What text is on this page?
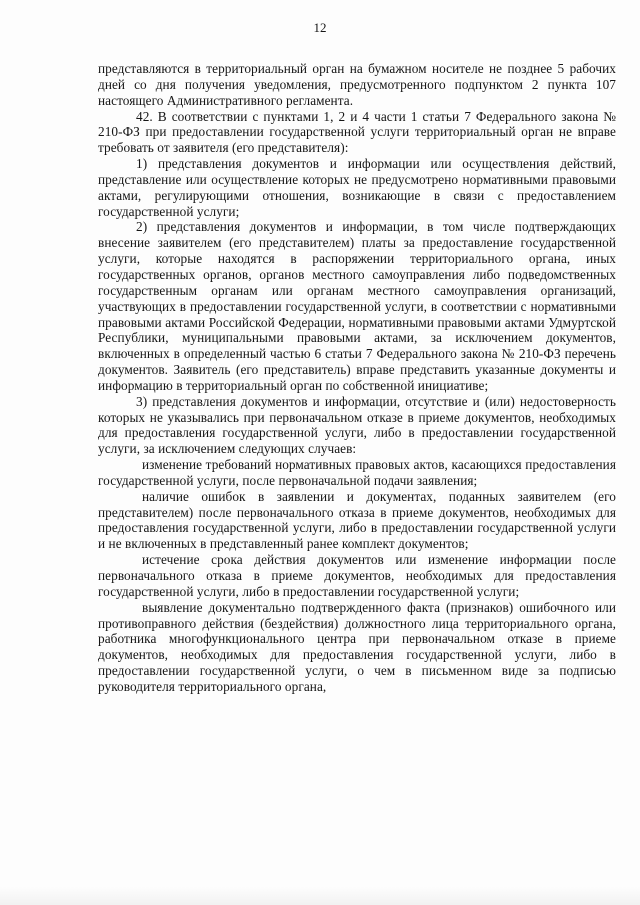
12

представляются в территориальный орган на бумажном носителе не позднее 5 рабочих дней со дня получения уведомления, предусмотренного подпунктом 2 пункта 107 настоящего Административного регламента.

42. В соответствии с пунктами 1, 2 и 4 части 1 статьи 7 Федерального закона № 210-ФЗ при предоставлении государственной услуги территориальный орган не вправе требовать от заявителя (его представителя):

1) представления документов и информации или осуществления действий, представление или осуществление которых не предусмотрено нормативными правовыми актами, регулирующими отношения, возникающие в связи с предоставлением государственной услуги;

2) представления документов и информации, в том числе подтверждающих внесение заявителем (его представителем) платы за предоставление государственной услуги, которые находятся в распоряжении территориального органа, иных государственных органов, органов местного самоуправления либо подведомственных государственным органам или органам местного самоуправления организаций, участвующих в предоставлении государственной услуги, в соответствии с нормативными правовыми актами Российской Федерации, нормативными правовыми актами Удмуртской Республики, муниципальными правовыми актами, за исключением документов, включенных в определенный частью 6 статьи 7 Федерального закона № 210-ФЗ перечень документов. Заявитель (его представитель) вправе представить указанные документы и информацию в территориальный орган по собственной инициативе;

3) представления документов и информации, отсутствие и (или) недостоверность которых не указывались при первоначальном отказе в приеме документов, необходимых для предоставления государственной услуги, либо в предоставлении государственной услуги, за исключением следующих случаев:

изменение требований нормативных правовых актов, касающихся предоставления государственной услуги, после первоначальной подачи заявления;

наличие ошибок в заявлении и документах, поданных заявителем (его представителем) после первоначального отказа в приеме документов, необходимых для предоставления государственной услуги, либо в предоставлении государственной услуги и не включенных в представленный ранее комплект документов;

истечение срока действия документов или изменение информации после первоначального отказа в приеме документов, необходимых для предоставления государственной услуги, либо в предоставлении государственной услуги;

выявление документально подтвержденного факта (признаков) ошибочного или противоправного действия (бездействия) должностного лица территориального органа, работника многофункционального центра при первоначальном отказе в приеме документов, необходимых для предоставления государственной услуги, либо в предоставлении государственной услуги, о чем в письменном виде за подписью руководителя территориального органа,
